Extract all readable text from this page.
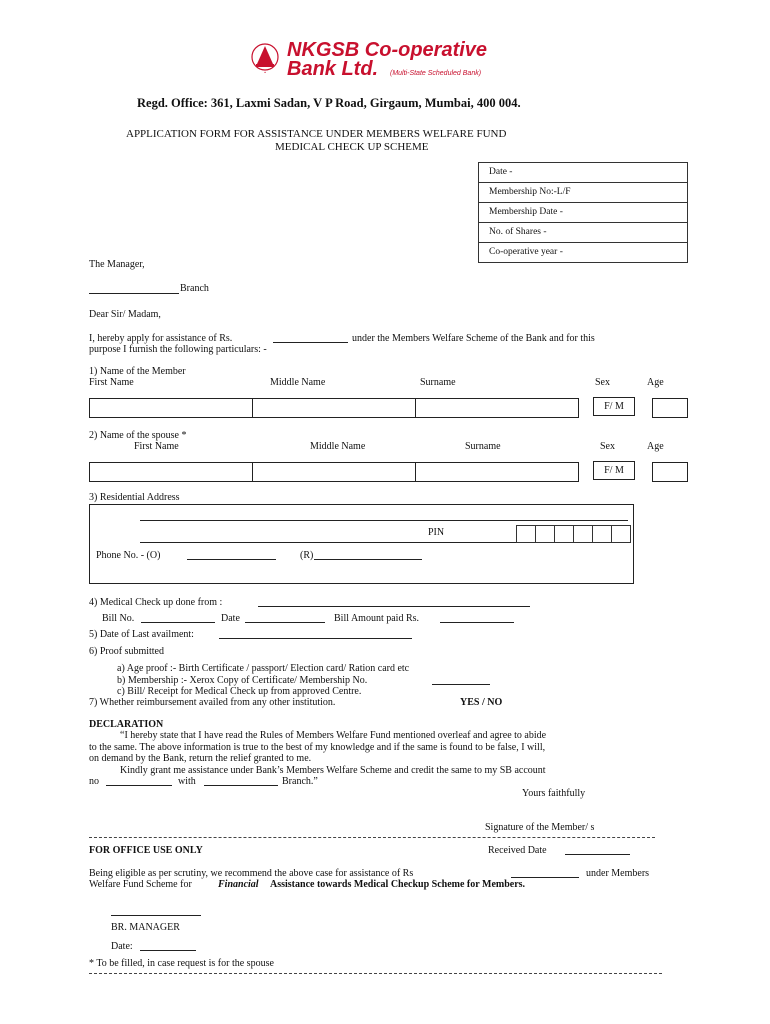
•
NKGSB Co-operative
Bank Ltd. (Multi-State Scheduled Bank)
Regd. Office: 361, Laxmi Sadan, V P Road, Girgaum, Mumbai, 400 004.
APPLICATION FORM FOR ASSISTANCE UNDER MEMBERS WELFARE FUND
MEDICAL CHECK UP SCHEME
Date -
Membership No:-L/F
Membership Date -
No. of Shares -
Co-operative year -
The Manager,
Branch
Dear Sir/ Madam,
I, hereby apply for assistance of Rs.	under the Members Welfare Scheme of the Bank and for this
purpose I furnish the following particulars: -
1) Name of the Member
First Name	Middle Name	Surname	Sex	Age
F/ M
2) Name of the spouse *
First Name	Middle Name	Surname	Sex	Age
F/ M
3) Residential Address
PIN
Phone No. - (O)	(R)
4) Medical Check up done from :
Bill No.	Date	Bill Amount paid Rs.
5) Date of Last availment:
6) Proof submitted
a) Age proof :- Birth Certificate / passport/ Election card/ Ration card etc
b) Membership :- Xerox Copy of Certificate/ Membership No.
c) Bill/ Receipt for Medical Check up from approved Centre.
7) Whether reimbursement availed from any other institution.	YES / NO
DECLARATION
“I hereby state that I have read the Rules of Members Welfare Fund mentioned overleaf and agree to abide
to the same. The above information is true to the best of my knowledge and if the same is found to be false, I will,
on demand by the Bank, return the relief granted to me.
Kindly grant me assistance under Bank’s Members Welfare Scheme and credit the same to my SB account
no	with	Branch.”
Yours faithfully
Signature of the Member/ s
FOR OFFICE USE ONLY	Received Date
Being eligible as per scrutiny, we recommend the above case for assistance of Rs	under Members
Welfare Fund Scheme for	Financial Assistance towards Medical Checkup Scheme for Members.
BR. MANAGER
Date:
* To be filled, in case request is for the spouse
